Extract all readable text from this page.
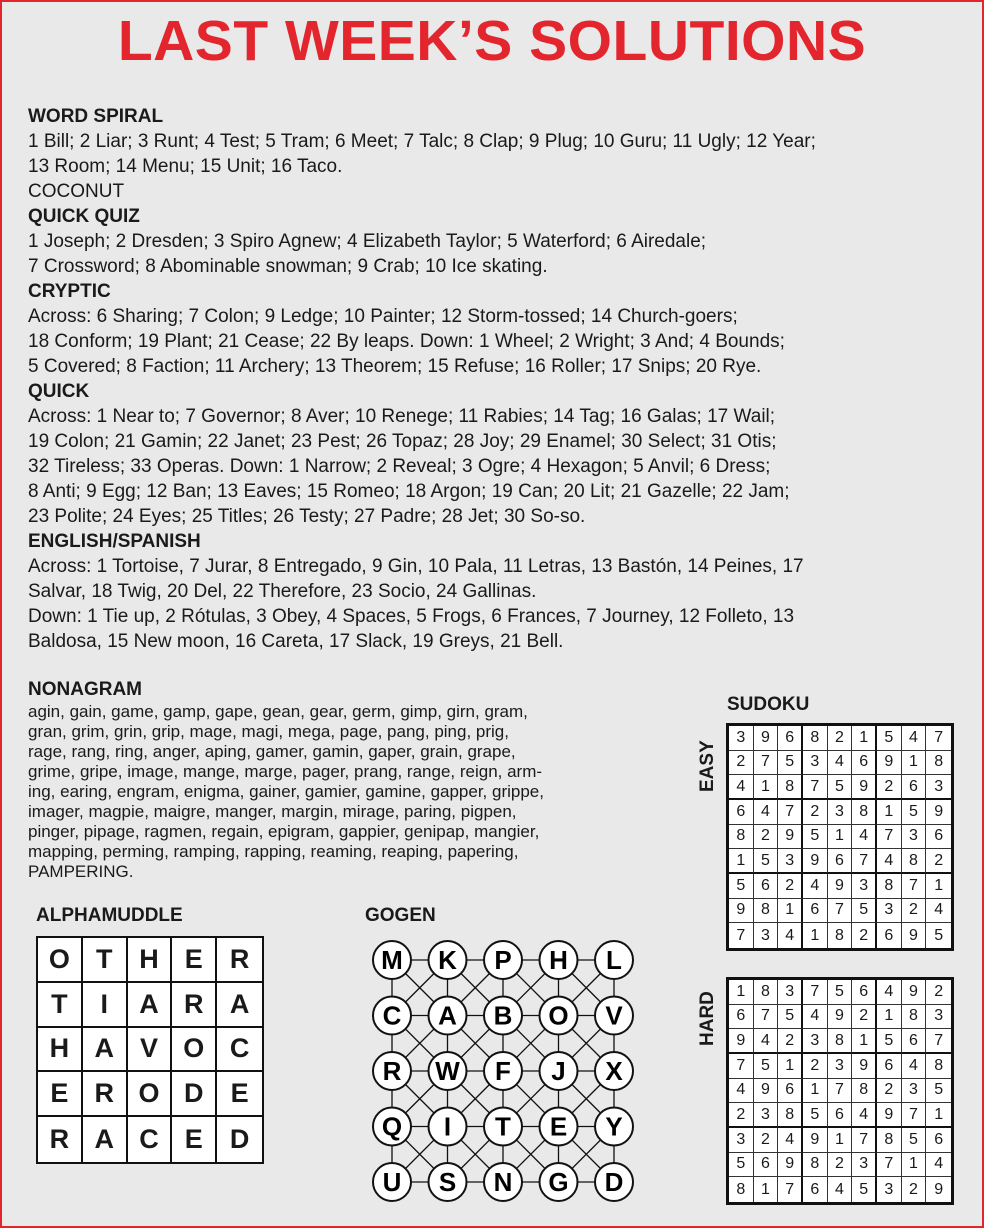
LAST WEEK’S SOLUTIONS
WORD SPIRAL

1 Bill; 2 Liar; 3 Runt; 4 Test; 5 Tram; 6 Meet; 7 Talc; 8 Clap; 9 Plug; 10 Guru; 11 Ugly; 12 Year;

13 Room; 14 Menu; 15 Unit; 16 Taco.

COCONUT

QUICK QUIZ

1 Joseph; 2 Dresden; 3 Spiro Agnew; 4 Elizabeth Taylor; 5 Waterford; 6 Airedale;

7 Crossword; 8 Abominable snowman; 9 Crab; 10 Ice skating.

CRYPTIC

Across: 6 Sharing; 7 Colon; 9 Ledge; 10 Painter; 12 Storm-tossed; 14 Church-goers;

18 Conform; 19 Plant; 21 Cease; 22 By leaps. Down: 1 Wheel; 2 Wright; 3 And; 4 Bounds;

5 Covered; 8 Faction; 11 Archery; 13 Theorem; 15 Refuse; 16 Roller; 17 Snips; 20 Rye.

QUICK

Across: 1 Near to; 7 Governor; 8 Aver; 10 Renege; 11 Rabies; 14 Tag; 16 Galas; 17 Wail;

19 Colon; 21 Gamin; 22 Janet; 23 Pest; 26 Topaz; 28 Joy; 29 Enamel; 30 Select; 31 Otis;

32 Tireless; 33 Operas. Down: 1 Narrow; 2 Reveal; 3 Ogre; 4 Hexagon; 5 Anvil; 6 Dress;

8 Anti; 9 Egg; 12 Ban; 13 Eaves; 15 Romeo; 18 Argon; 19 Can; 20 Lit; 21 Gazelle; 22 Jam;

23 Polite; 24 Eyes; 25 Titles; 26 Testy; 27 Padre; 28 Jet; 30 So-so.

ENGLISH/SPANISH

Across: 1 Tortoise, 7 Jurar, 8 Entregado, 9 Gin, 10 Pala, 11 Letras, 13 Bastón, 14 Peines, 17

Salvar, 18 Twig, 20 Del, 22 Therefore, 23 Socio, 24 Gallinas.

Down: 1 Tie up, 2 Rótulas, 3 Obey, 4 Spaces, 5 Frogs, 6 Frances, 7 Journey, 12 Folleto, 13

Baldosa, 15 New moon, 16 Careta, 17 Slack, 19 Greys, 21 Bell.

NONAGRAM
agin, gain, game, gamp, gape, gean, gear, germ, gimp, girn, gram,
gran, grim, grin, grip, mage, magi, mega, page, pang, ping, prig,
rage, rang, ring, anger, aping, gamer, gamin, gaper, grain, grape,
grime, gripe, image, mange, marge, pager, prang, range, reign, arm-
ing, earing, engram, enigma, gainer, gamier, gamine, gapper, grippe,
imager, magpie, maigre, manger, margin, mirage, paring, pigpen,
pinger, pipage, ragmen, regain, epigram, gappier, genipap, mangier,
mapping, perming, ramping, rapping, reaming, reaping, papering,
PAMPERING.
ALPHAMUDDLE
O T H E	R
T	I	A R A
H A V O C
E R O D	E
R A C E	D
GOGEN
M K P H L
C A B O V
R W F J X
Q I T E Y
U S N G D
SUDOKU
EASY
3 9 6	8 2 1	5 4	7
2 7 5	3 4 6	9 1	8
4 1 8	7 5 9	2 6	3
6 4 7	2 3 8	1 5	9
8 2 9	5 1 4	7 3	6
1 5 3	9 6 7	4 8	2
5 6 2	4 9 3	8 7	1
9 8 1	6 7 5	3 2	4
7 3 4	1 8 2	6 9	5
HARD	1 8 3	7 5 6	4 9	2
6 7 5	4 9 2	1 8	3
9 4 2	3 8 1	5 6	7
7 5 1	2 3 9	6 4	8
4 9 6	1 7 8	2 3	5
2 3 8	5 6 4	9 7	1
3 2 4	9 1 7	8 5	6
5 6 9	8 2 3	7 1	4
8 1 7	6 4 5	3 2	9
